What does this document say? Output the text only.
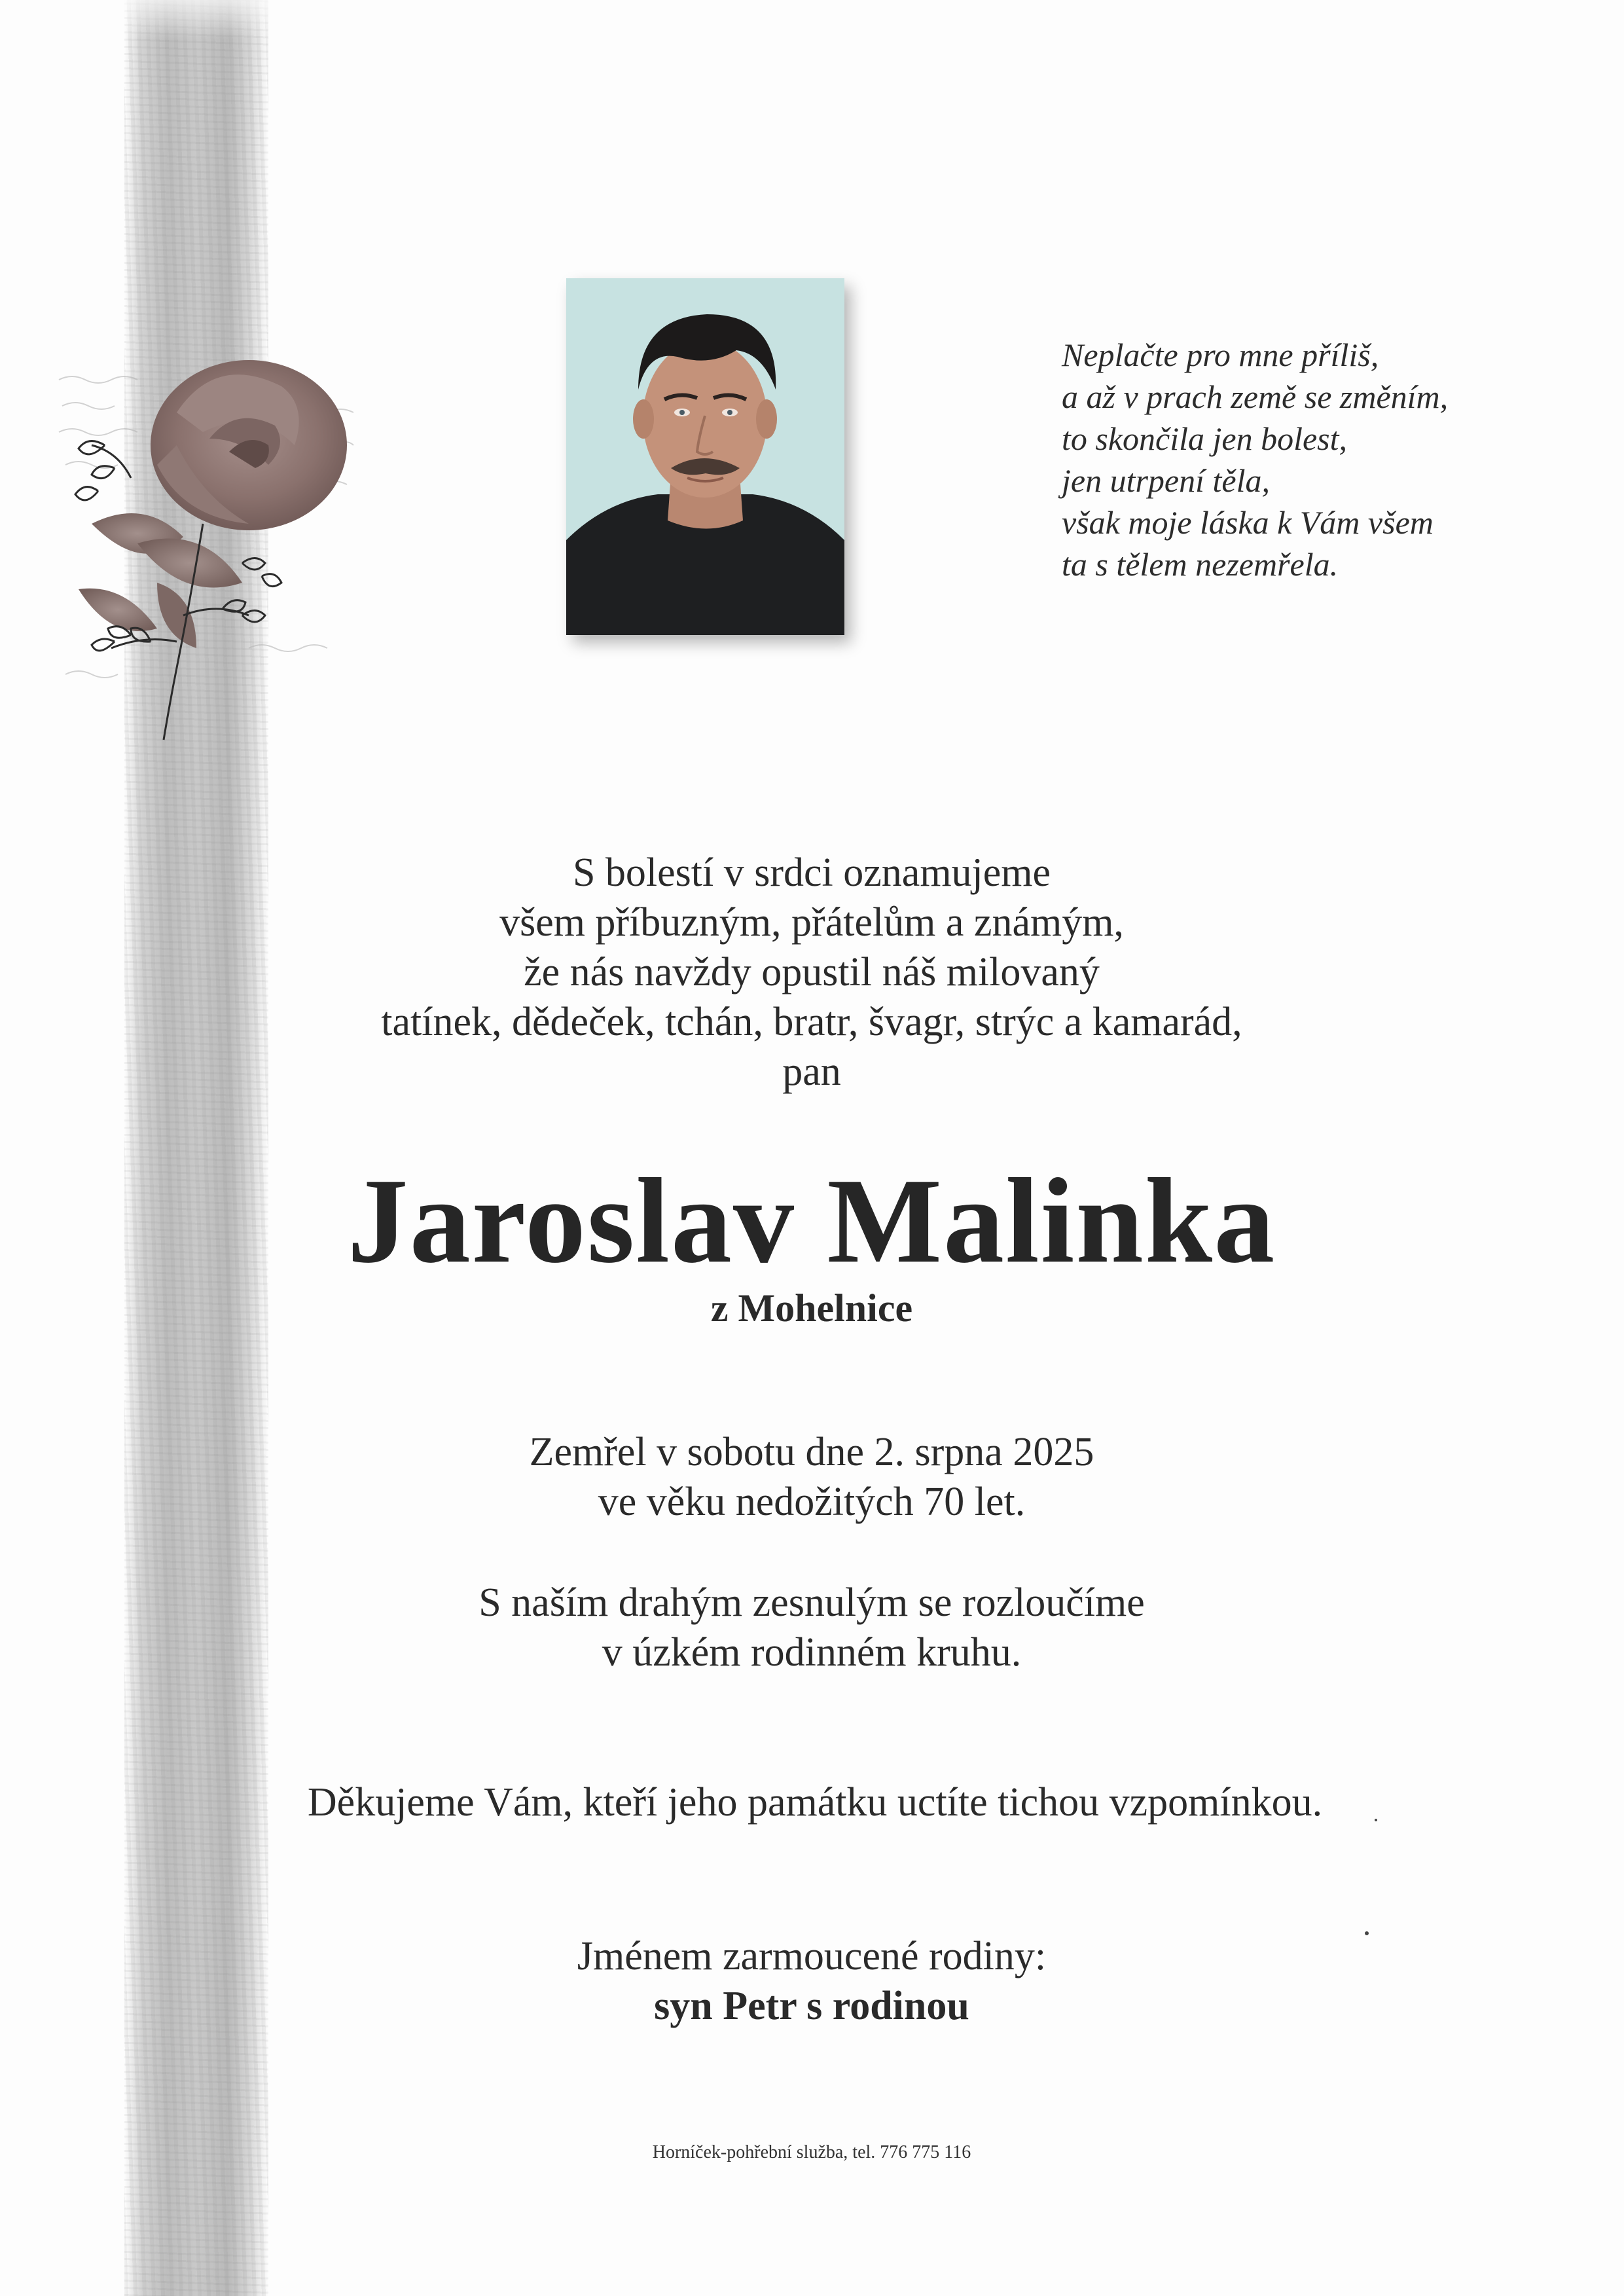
Neplačte pro mne příliš,
a až v prach země se změním,
to skončila jen bolest,
jen utrpení těla,
však moje láska k Vám všem
ta s tělem nezemřela.
S bolestí v srdci oznamujeme
všem příbuzným, přátelům a známým,
že nás navždy opustil náš milovaný
tatínek, dědeček, tchán, bratr, švagr, strýc a kamarád,
pan
Jaroslav Malinka
z Mohelnice
Zemřel v sobotu dne 2. srpna 2025
ve věku nedožitých 70 let.
S naším drahým zesnulým se rozloučíme
v úzkém rodinném kruhu.
Děkujeme Vám, kteří jeho památku uctíte tichou vzpomínkou.
Jménem zarmoucené rodiny:
syn Petr s rodinou
Horníček-pohřební služba, tel. 776 775 116
